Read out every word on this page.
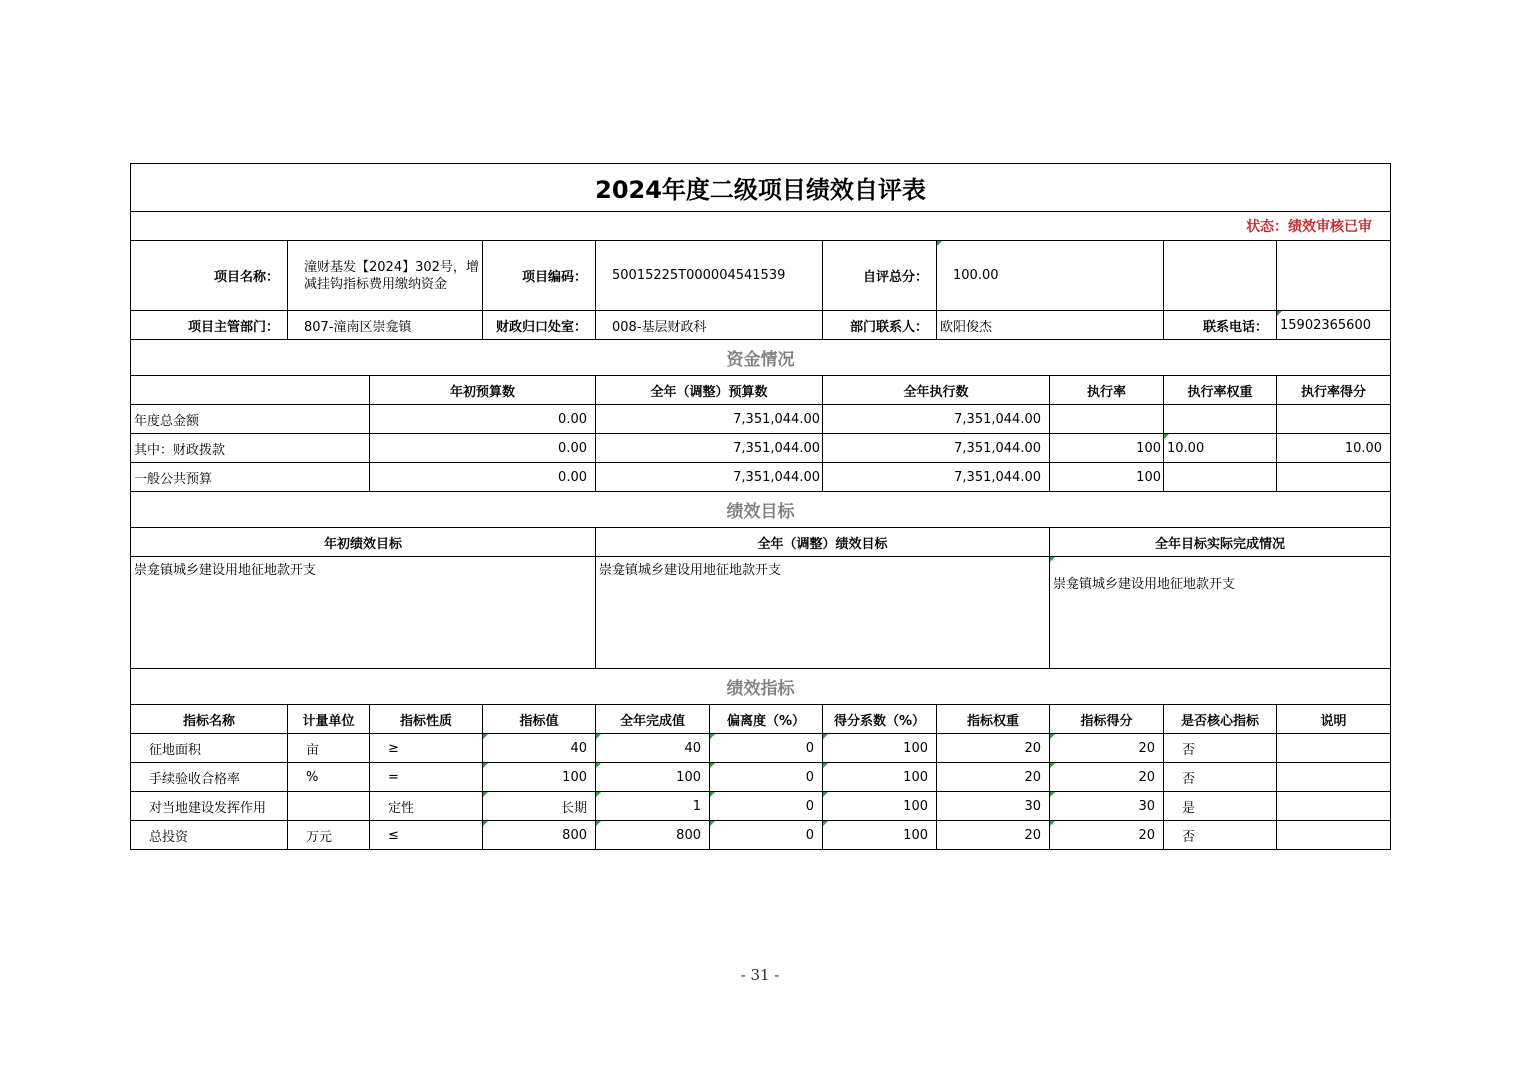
2024年度二级项目绩效自评表										
状态：绩效审核已审										
项目名称：	潼财基发【2024】302号，增减挂钩指标费用缴纳资金		项目编码：	50015225T000004541539		自评总分：	100.00			
项目主管部门：	807-潼南区崇龛镇		财政归口处室：	008-基层财政科		部门联系人：	欧阳俊杰		联系电话：	15902365600
资金情况										
		年初预算数		全年（调整）预算数		全年执行数		执行率	执行率权重	执行率得分
年度总金额		0.00		7,351,044.00		7,351,044.00				
其中：财政拨款		0.00		7,351,044.00		7,351,044.00		100	10.00	10.00
一般公共预算		0.00		7,351,044.00		7,351,044.00		100		
绩效目标										
年初绩效目标				全年（调整）绩效目标				全年目标实际完成情况		
崇龛镇城乡建设用地征地款开支				崇龛镇城乡建设用地征地款开支				崇龛镇城乡建设用地征地款开支		
绩效指标										
指标名称	计量单位	指标性质	指标值	全年完成值	偏离度（%）	得分系数（%）	指标权重	指标得分	是否核心指标	说明
征地面积	亩	≥	40	40	0	100	20	20	否	
手续验收合格率	%	=	100	100	0	100	20	20	否	
对当地建设发挥作用		定性	长期	1	0	100	30	30	是	
总投资	万元	≤	800	800	0	100	20	20	否	
- 31 -
